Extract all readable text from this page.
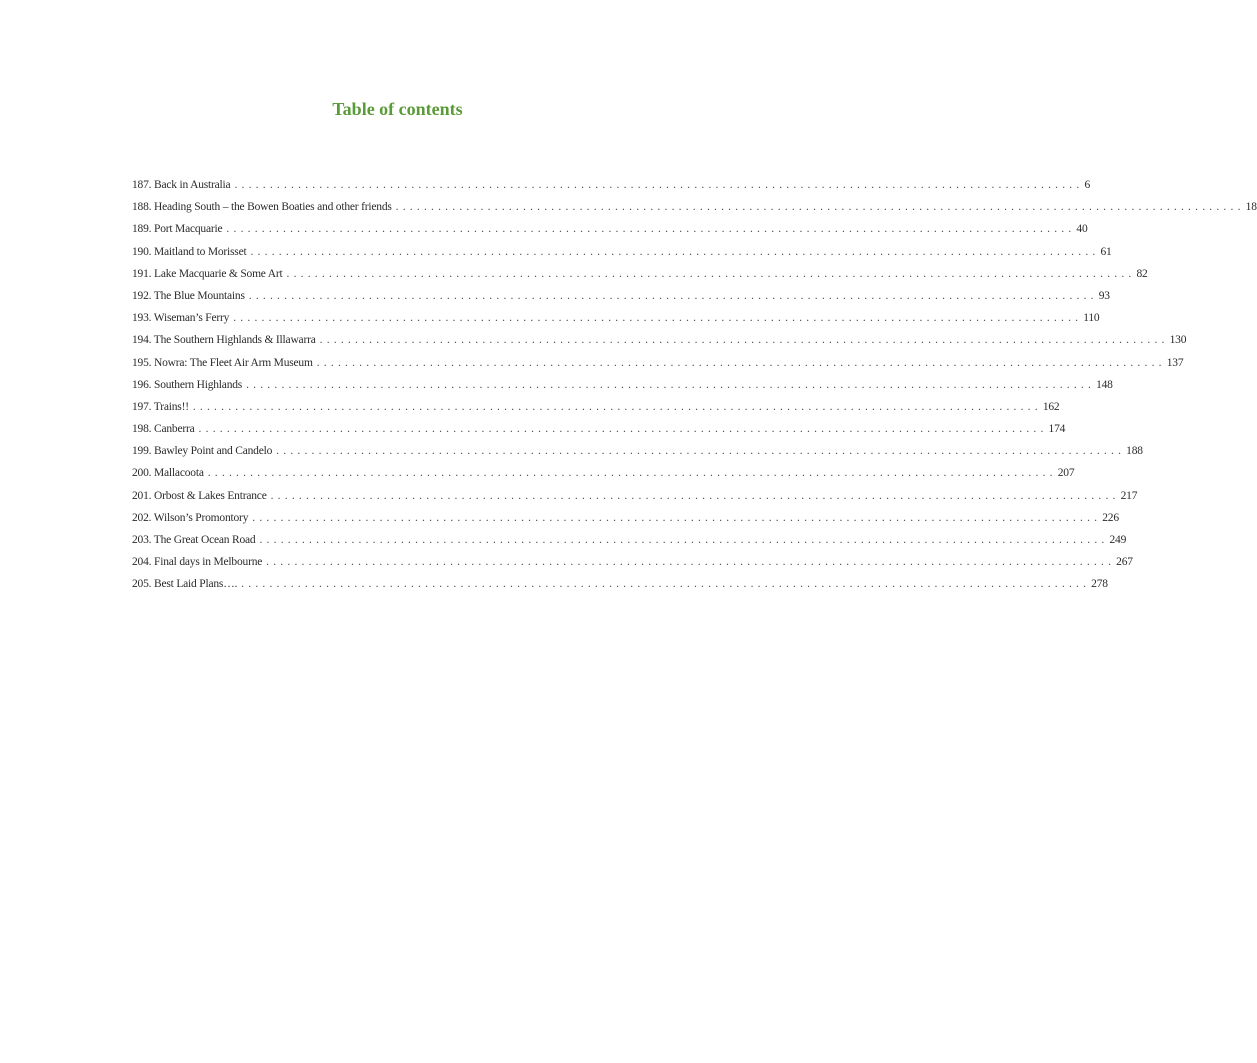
Table of contents
187. Back in Australia ........................................................................................................................ 6
188. Heading South – the Bowen Boaties and other friends ........................................................................................................................ 18
189. Port Macquarie ........................................................................................................................ 40
190. Maitland to Morisset ........................................................................................................................ 61
191. Lake Macquarie & Some Art ........................................................................................................................ 82
192. The Blue Mountains ........................................................................................................................ 93
193. Wiseman’s Ferry ........................................................................................................................ 110
194. The Southern Highlands & Illawarra ........................................................................................................................ 130
195. Nowra: The Fleet Air Arm Museum ........................................................................................................................ 137
196. Southern Highlands ........................................................................................................................ 148
197. Trains!! ........................................................................................................................ 162
198. Canberra ........................................................................................................................ 174
199. Bawley Point and Candelo ........................................................................................................................ 188
200. Mallacoota ........................................................................................................................ 207
201. Orbost & Lakes Entrance ........................................................................................................................ 217
202. Wilson’s Promontory ........................................................................................................................ 226
203. The Great Ocean Road ........................................................................................................................ 249
204. Final days in Melbourne ........................................................................................................................ 267
205. Best Laid Plans…. ........................................................................................................................ 278
